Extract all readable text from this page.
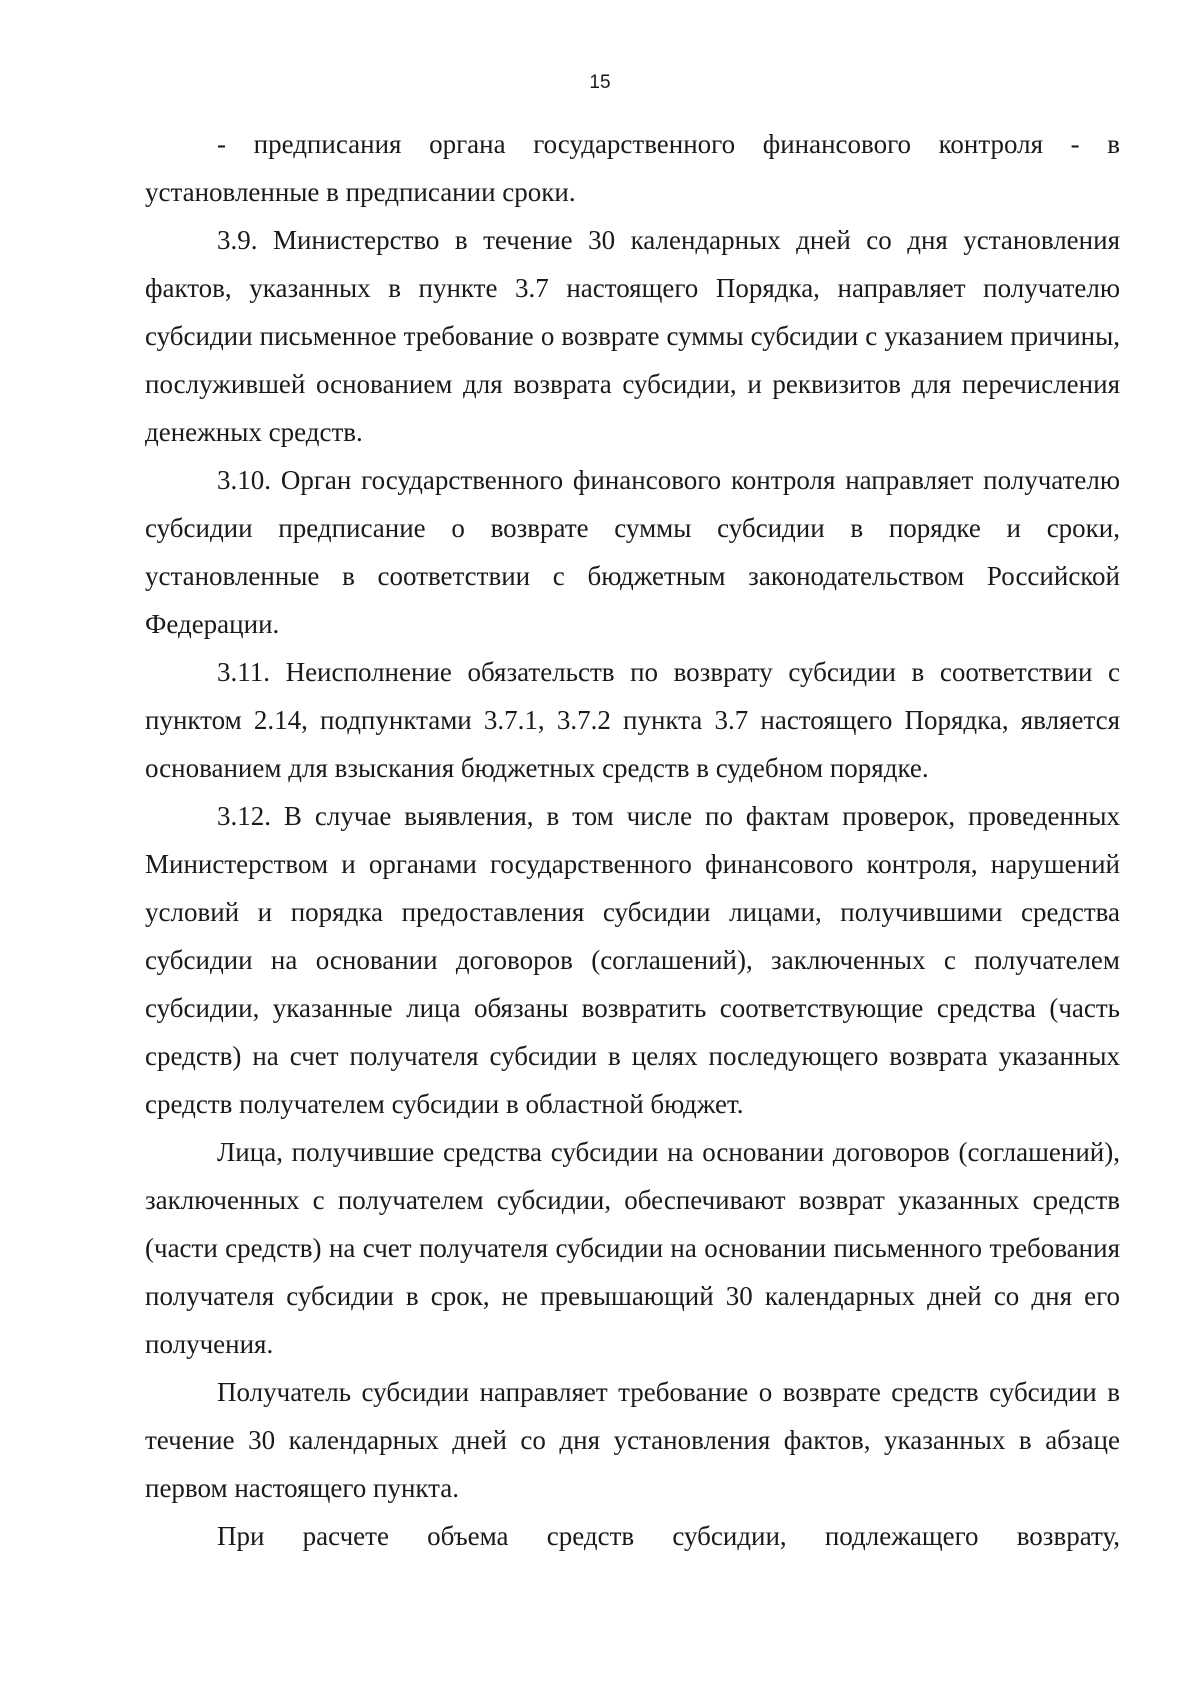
15

- предписания органа государственного финансового контроля - в установленные в предписании сроки.

3.9. Министерство в течение 30 календарных дней со дня установления фактов, указанных в пункте 3.7 настоящего Порядка, направляет получателю субсидии письменное требование о возврате суммы субсидии с указанием причины, послужившей основанием для возврата субсидии, и реквизитов для перечисления денежных средств.

3.10. Орган государственного финансового контроля направляет получателю субсидии предписание о возврате суммы субсидии в порядке и сроки, установленные в соответствии с бюджетным законодательством Российской Федерации.

3.11. Неисполнение обязательств по возврату субсидии в соответствии с пунктом 2.14, подпунктами 3.7.1, 3.7.2 пункта 3.7 настоящего Порядка, является основанием для взыскания бюджетных средств в судебном порядке.

3.12. В случае выявления, в том числе по фактам проверок, проведенных Министерством и органами государственного финансового контроля, нарушений условий и порядка предоставления субсидии лицами, получившими средства субсидии на основании договоров (соглашений), заключенных с получателем субсидии, указанные лица обязаны возвратить соответствующие средства (часть средств) на счет получателя субсидии в целях последующего возврата указанных средств получателем субсидии в областной бюджет.

Лица, получившие средства субсидии на основании договоров (соглашений), заключенных с получателем субсидии, обеспечивают возврат указанных средств (части средств) на счет получателя субсидии на основании письменного требования получателя субсидии в срок, не превышающий 30 календарных дней со дня его получения.

Получатель субсидии направляет требование о возврате средств субсидии в течение 30 календарных дней со дня установления фактов, указанных в абзаце первом настоящего пункта.

При расчете объема средств субсидии, подлежащего возврату,
